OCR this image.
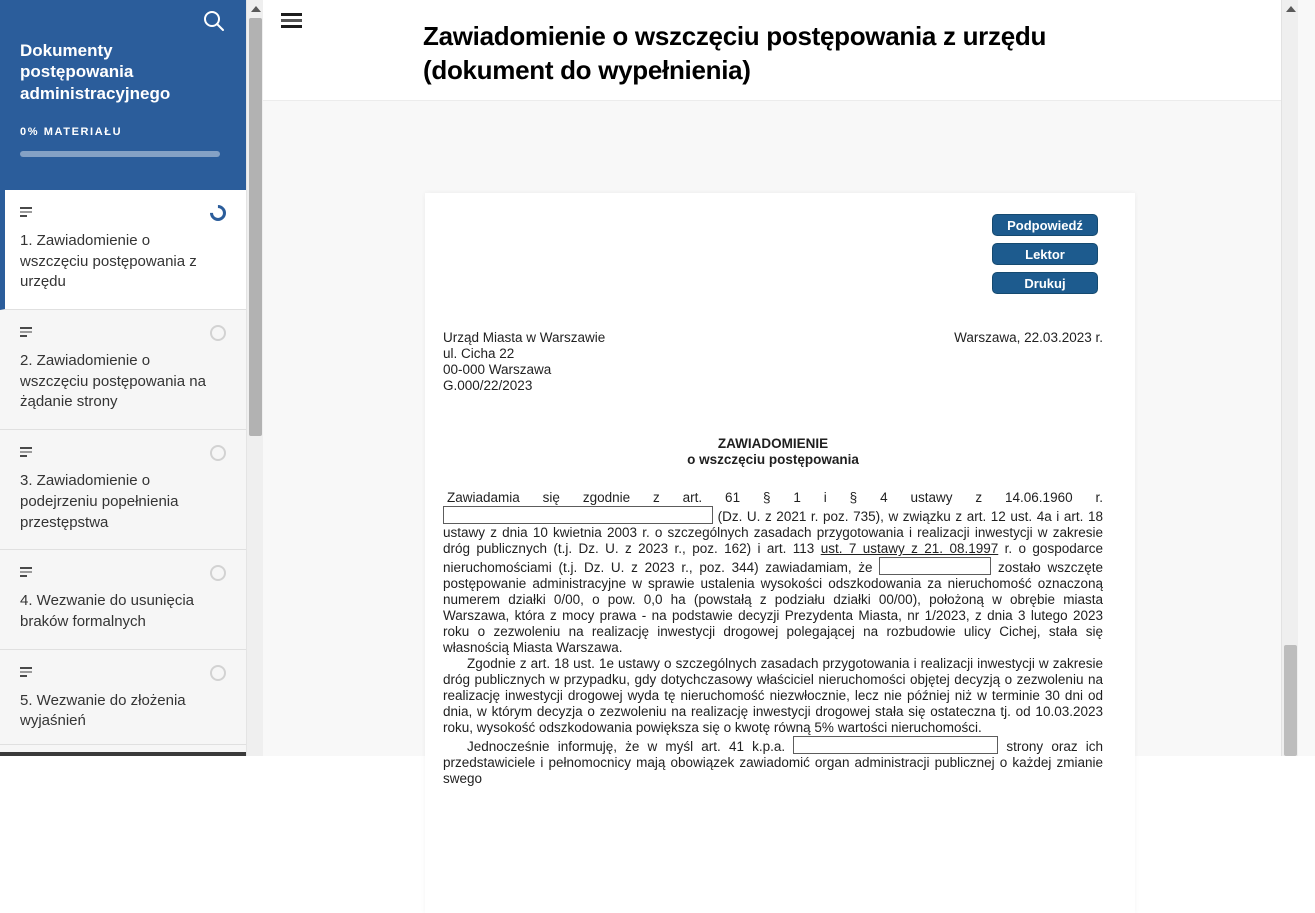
Dokumenty postępowania administracyjnego
0% MATERIAŁU
1. Zawiadomienie o wszczęciu postępowania z urzędu
2. Zawiadomienie o wszczęciu postępowania na żądanie strony
3. Zawiadomienie o podejrzeniu popełnienia przestępstwa
4. Wezwanie do usunięcia braków formalnych
5. Wezwanie do złożenia wyjaśnień
Zawiadomienie o wszczęciu postępowania z urzędu (dokument do wypełnienia)
Podpowiedź
Lektor
Drukuj
Urząd Miasta w Warszawie
ul. Cicha 22
00-000 Warszawa
G.000/22/2023
Warszawa, 22.03.2023 r.
ZAWIADOMIENIE
o wszczęciu postępowania

Zawiadamia się zgodnie z art. 61 § 1 i § 4 ustawy z 14.06.1960 r.  (Dz. U. z 2021 r. poz. 735), w związku z art. 12 ust. 4a i art. 18 ustawy z dnia 10 kwietnia 2003 r. o szczególnych zasadach przygotowania i realizacji inwestycji w zakresie dróg publicznych (t.j. Dz. U. z 2023 r., poz. 162) i art. 113 ust. 7 ustawy z 21. 08.1997 r. o gospodarce nieruchomościami (t.j. Dz. U. z 2023 r., poz. 344) zawiadamiam, że	zostało wszczęte postępowanie administracyjne w sprawie ustalenia wysokości odszkodowania za nieruchomość oznaczoną numerem działki 0/00, o pow. 0,0 ha (powstałą z podziału działki 00/00), położoną w obrębie miasta Warszawa, która z mocy prawa - na podstawie decyzji Prezydenta Miasta, nr 1/2023, z dnia 3 lutego 2023 roku o zezwoleniu na realizację inwestycji drogowej polegającej na rozbudowie ulicy Cichej, stała się własnością Miasta Warszawa.

Zgodnie z art. 18 ust. 1e ustawy o szczególnych zasadach przygotowania i realizacji inwestycji w zakresie dróg publicznych w przypadku, gdy dotychczasowy właściciel nieruchomości objętej decyzją o zezwoleniu na realizację inwestycji drogowej wyda tę nieruchomość niezwłocznie, lecz nie później niż w terminie 30 dni od dnia, w którym decyzja o zezwoleniu na realizację inwestycji drogowej stała się ostateczna tj. od 10.03.2023 roku, wysokość odszkodowania powiększa się o kwotę równą 5% wartości nieruchomości.

Jednocześnie informuję, że w myśl art. 41 k.p.a.	strony oraz ich przedstawiciele i pełnomocnicy mają obowiązek zawiadomić organ administracji publicznej o każdej zmianie swego
